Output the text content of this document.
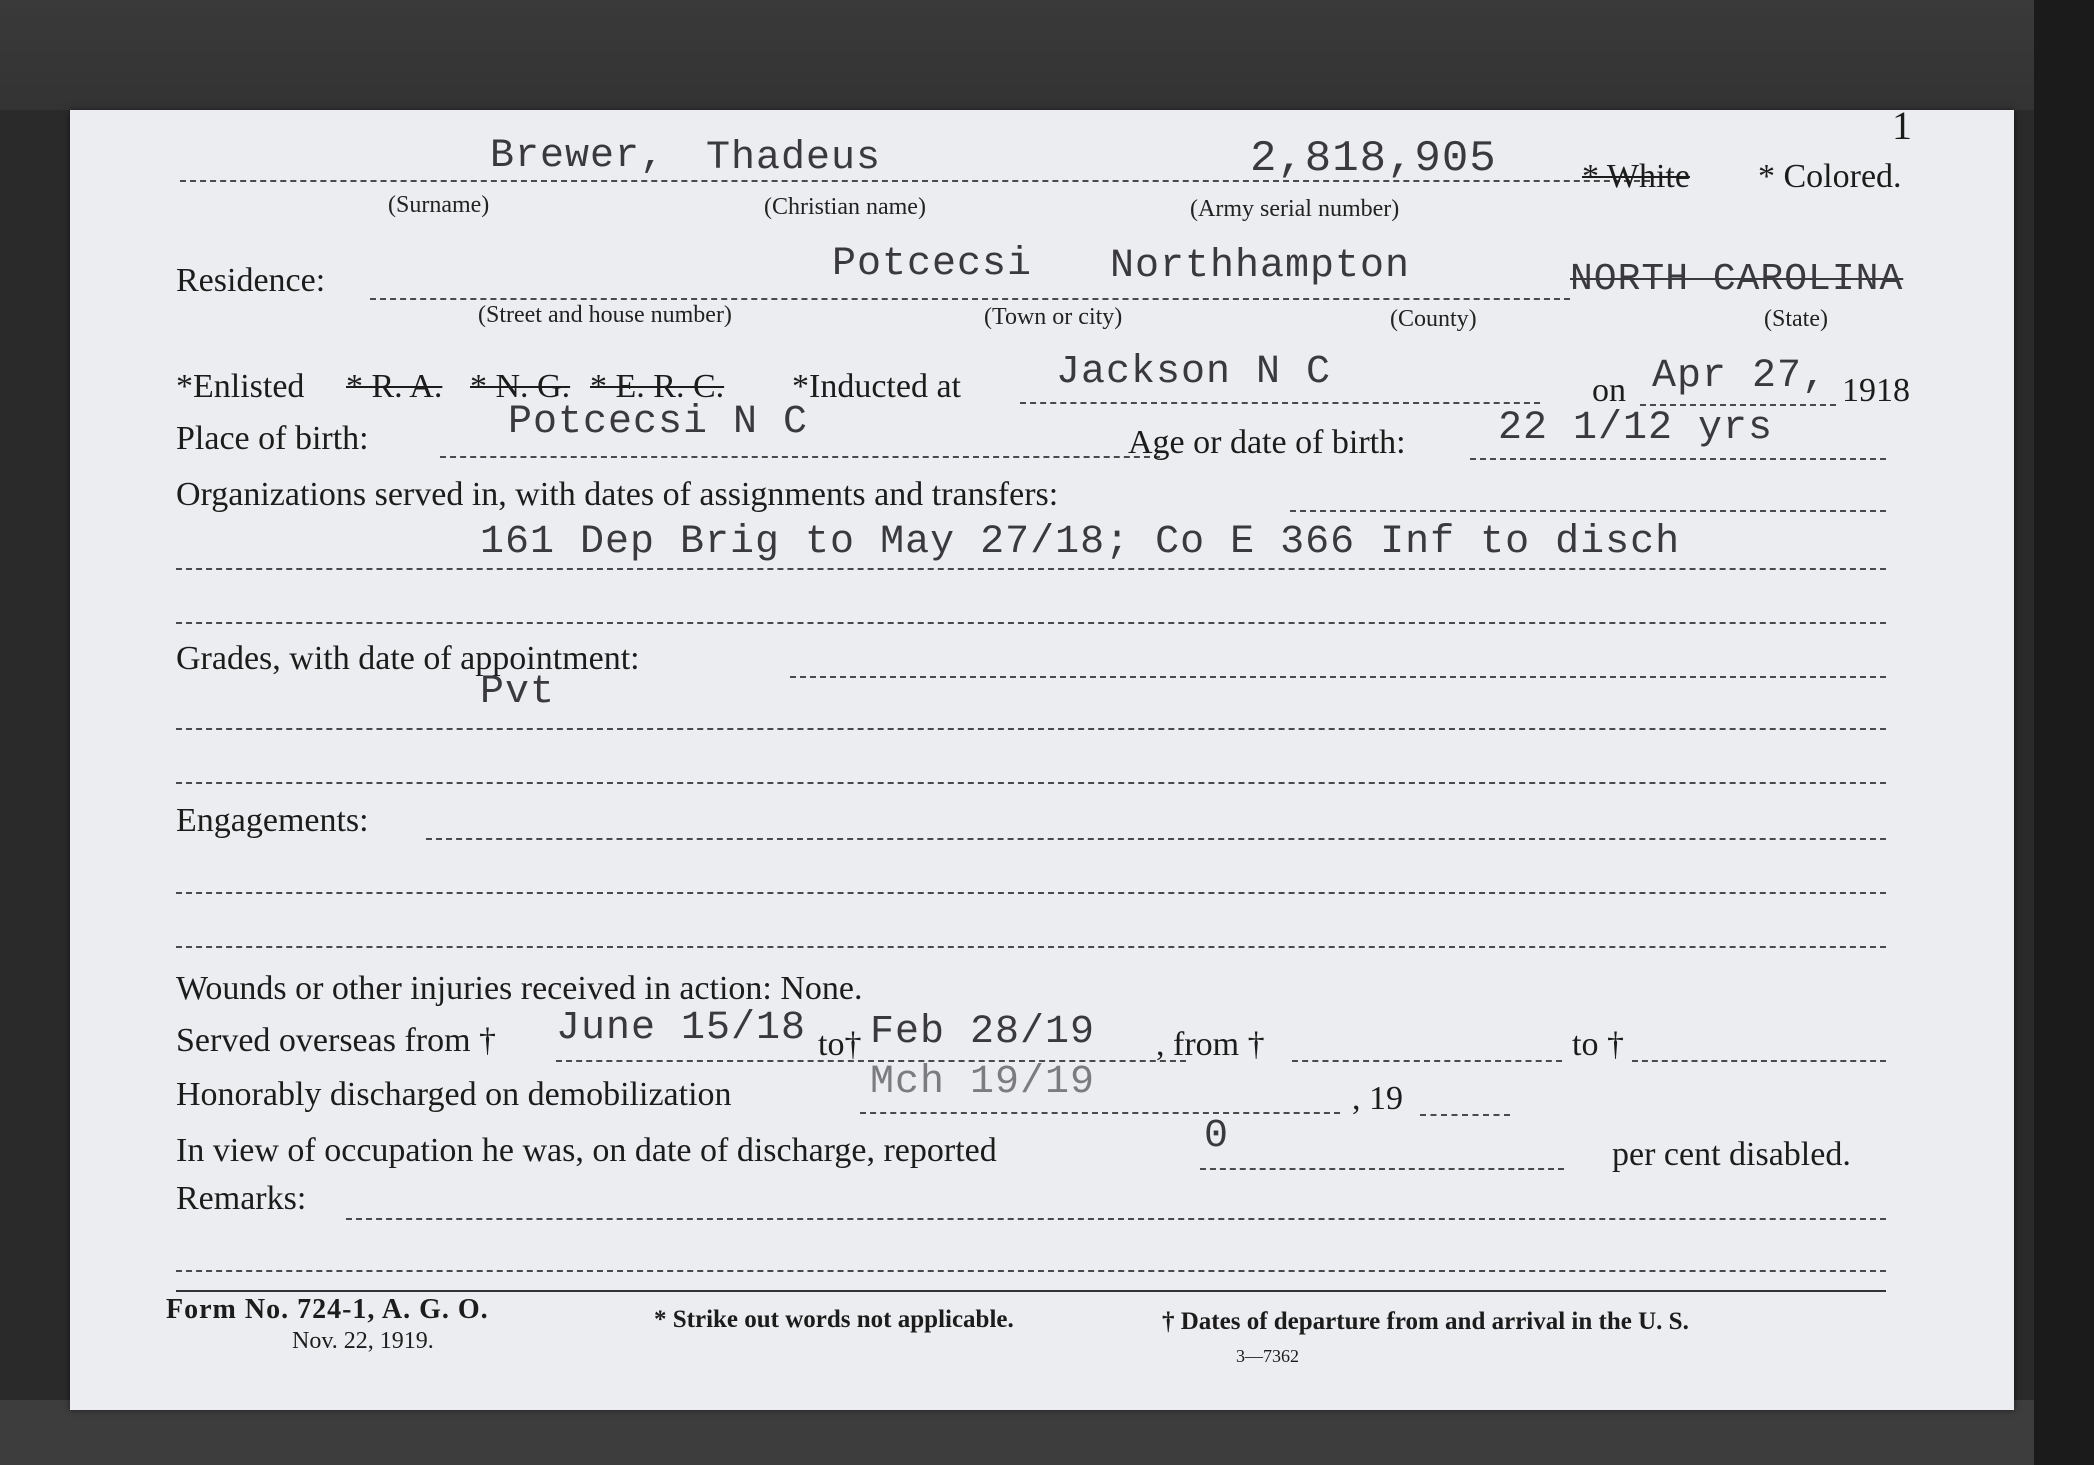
1
Brewer, Thadeus	2,818,905	* White * Colored.
(Surname)	(Christian name)	(Army serial number)
Residence:	Potcecsi Northhampton	NORTH CAROLINA
(Street and house number)	(Town or city)	(County)	(State)
*Enlisted * R. A. * N. G. * E. R. C. *Inducted at Jackson N C	on Apr 27, 1918
Place of birth:	Potcecsi N C	Age or date of birth: 22 1/12 yrs
Organizations served in, with dates of assignments and transfers:
161 Dep Brig to May 27/18; Co E 366 Inf to disch
Grades, with date of appointment:
Pvt
Engagements:
Wounds or other injuries received in action: None.
Served overseas from † June 15/18 to† Feb 28/19 , from †	to †
Honorably discharged on demobilization	Mch 19/19	, 19
In view of occupation he was, on date of discharge, reported	0	per cent disabled.
Remarks:
Form No. 724-1, A. G. O.
Nov. 22, 1919.
* Strike out words not applicable.	† Dates of departure from and arrival in the U. S.
3—7362
